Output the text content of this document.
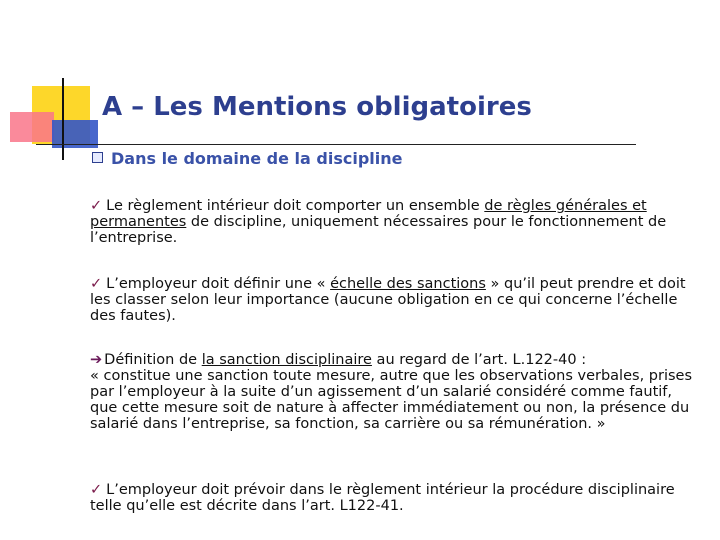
A – Les Mentions obligatoires
Dans le domaine de la discipline
✓ Le règlement intérieur doit comporter un ensemble de règles générales et permanentes de discipline, uniquement nécessaires pour le fonctionnement de l’entreprise.
✓ L’employeur doit définir une « échelle des sanctions » qu’il peut prendre et doit les classer selon leur importance (aucune obligation en ce qui concerne l’échelle des fautes).
➔ Définition de la sanction disciplinaire au regard de l’art. L.122-40 :
« constitue une sanction toute mesure, autre que les observations verbales, prises par l’employeur à la suite d’un agissement d’un salarié considéré comme fautif, que cette mesure soit de nature à affecter immédiatement ou non, la présence du salarié dans l’entreprise, sa fonction, sa carrière ou sa rémunération. »
✓ L’employeur doit prévoir dans le règlement intérieur la procédure disciplinaire telle qu’elle est décrite dans l’art. L122-41.
